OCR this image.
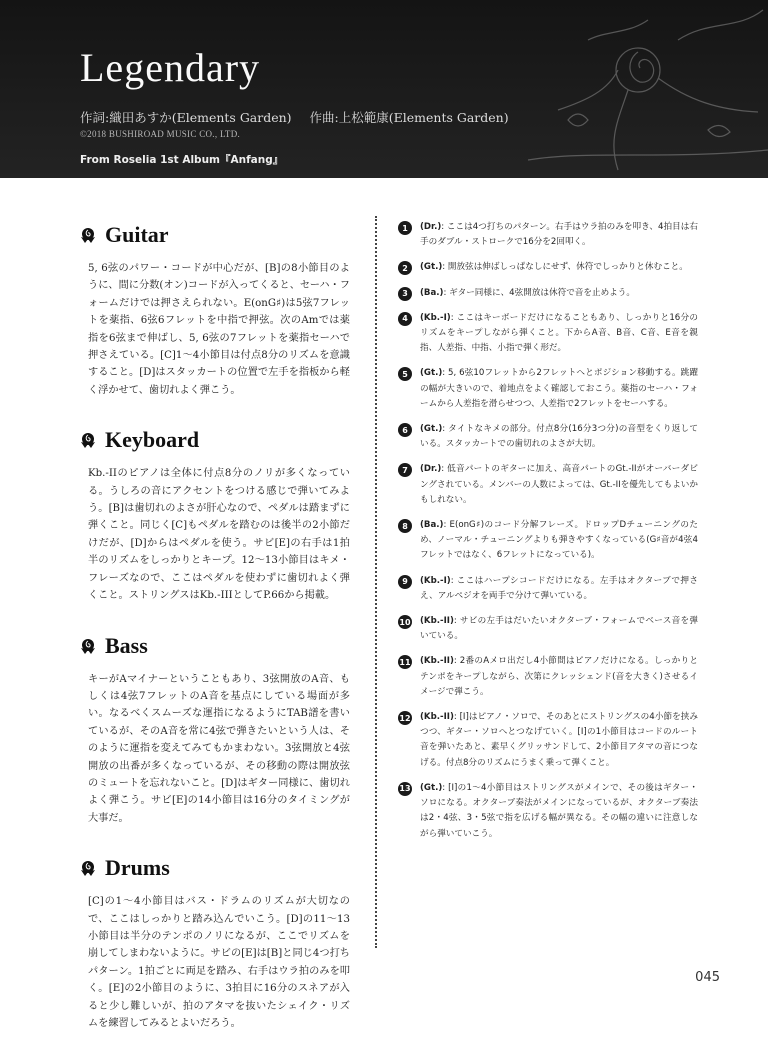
Legendary
作詞:織田あすか(Elements Garden) 作曲:上松範康(Elements Garden)
©2018 BUSHIROAD MUSIC CO., LTD.
From Roselia 1st Album『Anfang』
Guitar

5, 6弦のパワー・コードが中心だが、[B]の8小節目のように、間に分数(オン)コードが入ってくると、セーハ・フォームだけでは押さえられない。E(onG♯)は5弦7フレットを薬指、6弦6フレットを中指で押弦。次のAmでは薬指を6弦まで伸ばし、5, 6弦の7フレットを薬指セーハで押さえている。[C]1〜4小節目は付点8分のリズムを意識すること。[D]はスタッカートの位置で左手を指板から軽く浮かせて、歯切れよく弾こう。

Keyboard

Kb.-IIのピアノは全体に付点8分のノリが多くなっている。うしろの音にアクセントをつける感じで弾いてみよう。[B]は歯切れのよさが肝心なので、ペダルは踏まずに弾くこと。同じく[C]もペダルを踏むのは後半の2小節だけだが、[D]からはペダルを使う。サビ[E]の右手は1拍半のリズムをしっかりとキープ。12〜13小節目はキメ・フレーズなので、ここはペダルを使わずに歯切れよく弾くこと。ストリングスはKb.-IIIとしてP.66から掲載。

Bass

キーがAマイナーということもあり、3弦開放のA音、もしくは4弦7フレットのA音を基点にしている場面が多い。なるべくスムーズな運指になるようにTAB譜を書いているが、そのA音を常に4弦で弾きたいという人は、そのように運指を変えてみてもかまわない。3弦開放と4弦開放の出番が多くなっているが、その移動の際は開放弦のミュートを忘れないこと。[D]はギター同様に、歯切れよく弾こう。サビ[E]の14小節目は16分のタイミングが大事だ。

Drums

[C]の1〜4小節目はバス・ドラムのリズムが大切なので、ここはしっかりと踏み込んでいこう。[D]の11〜13小節目は半分のテンポのノリになるが、ここでリズムを崩してしまわないように。サビの[E]は[B]と同じ4つ打ちパターン。1拍ごとに両足を踏み、右手はウラ拍のみを叩く。[E]の2小節目のように、3拍目に16分のスネアが入ると少し難しいが、拍のアタマを抜いたシェイク・リズムを練習してみるとよいだろう。

1	(Dr.): ここは4つ打ちのパターン。右手はウラ拍のみを叩き、4拍目は右手のダブル・ストロークで16分を2回叩く。
2	(Gt.): 開放弦は伸ばしっぱなしにせず、休符でしっかりと休むこと。
3	(Ba.): ギター同様に、4弦開放は休符で音を止めよう。
4	(Kb.-I): ここはキーボードだけになることもあり、しっかりと16分のリズムをキープしながら弾くこと。下からA音、B音、C音、E音を親指、人差指、中指、小指で弾く形だ。
5	(Gt.): 5, 6弦10フレットから2フレットへとポジション移動する。跳躍の幅が大きいので、着地点をよく確認しておこう。薬指のセーハ・フォームから人差指を滑らせつつ、人差指で2フレットをセーハする。
6	(Gt.): タイトなキメの部分。付点8分(16分3つ分)の音型をくり返している。スタッカートでの歯切れのよさが大切。
7	(Dr.): 低音パートのギターに加え、高音パートのGt.-IIがオーバーダビングされている。メンバーの人数によっては、Gt.-IIを優先してもよいかもしれない。
8	(Ba.): E(onG♯)のコード分解フレーズ。ドロップDチューニングのため、ノーマル・チューニングよりも弾きやすくなっている(G♯音が4弦4フレットではなく、6フレットになっている)。
9	(Kb.-I): ここはハープシコードだけになる。左手はオクターブで押さえ、アルペジオを両手で分けて弾いている。
10 (Kb.-II): サビの左手はだいたいオクターブ・フォームでベース音を弾いている。
11 (Kb.-II): 2番のAメロ出だし4小節間はピアノだけになる。しっかりとテンポをキープしながら、次第にクレッシェンド(音を大きく)させるイメージで弾こう。
12 (Kb.-II): [I]はピアノ・ソロで、そのあとにストリングスの4小節を挟みつつ、ギター・ソロへとつなげていく。[I]の1小節目はコードのルート音を弾いたあと、素早くグリッサンドして、2小節目アタマの音につなげる。付点8分のリズムにうまく乗って弾くこと。
13 (Gt.): [I]の1〜4小節目はストリングスがメインで、その後はギター・ソロになる。オクターブ奏法がメインになっているが、オクターブ奏法は2・4弦、3・5弦で指を広げる幅が異なる。その幅の違いに注意しながら弾いていこう。
045
